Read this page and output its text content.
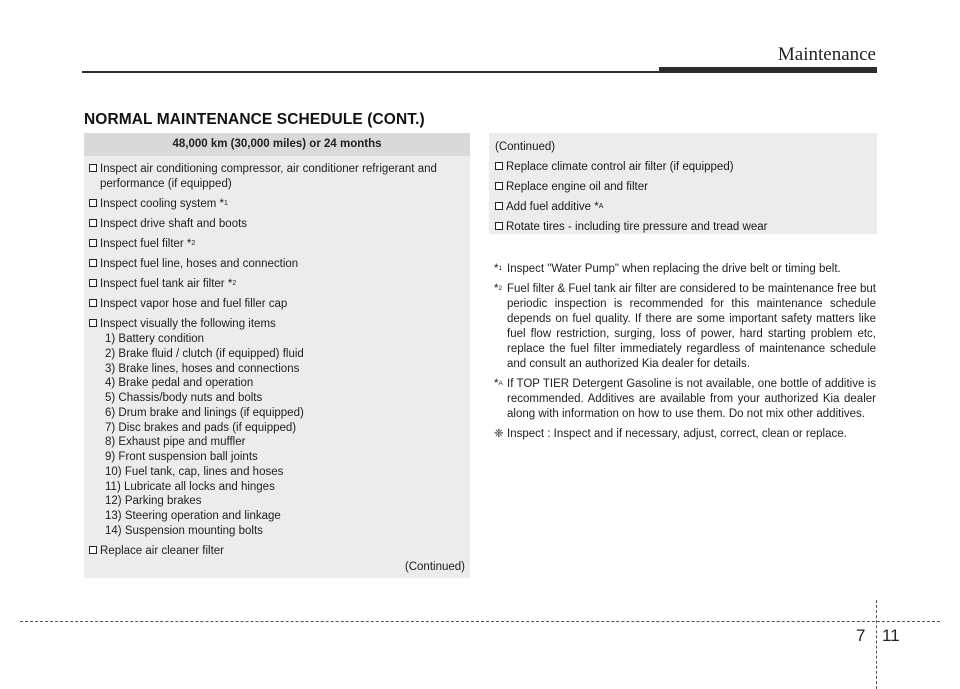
Maintenance
NORMAL MAINTENANCE SCHEDULE (CONT.)
48,000 km (30,000 miles) or 24 months
Inspect air conditioning compressor, air conditioner refrigerant and performance (if equipped)
Inspect cooling system *$^1$
Inspect drive shaft and boots
Inspect fuel filter *$^2$
Inspect fuel line, hoses and connection
Inspect fuel tank air filter *$^2$
Inspect vapor hose and fuel filler cap
Inspect visually the following items
1) Battery condition
2) Brake fluid / clutch (if equipped) fluid
3) Brake lines, hoses and connections
4) Brake pedal and operation
5) Chassis/body nuts and bolts
6) Drum brake and linings (if equipped)
7) Disc brakes and pads (if equipped)
8) Exhaust pipe and muffler
9) Front suspension ball joints
10) Fuel tank, cap, lines and hoses
11) Lubricate all locks and hinges
12) Parking brakes
13) Steering operation and linkage
14) Suspension mounting bolts
Replace air cleaner filter
(Continued)
(Continued)
Replace climate control air filter (if equipped)
Replace engine oil and filter
Add fuel additive *$^A$
Rotate tires - including tire pressure and tread wear
*$^1$ Inspect "Water Pump" when replacing the drive belt or timing belt.
*$^2$ Fuel filter & Fuel tank air filter are considered to be maintenance free but periodic inspection is recommended for this maintenance schedule depends on fuel quality. If there are some important safety matters like fuel flow restriction, surging, loss of power, hard starting problem etc, replace the fuel filter immediately regardless of maintenance schedule and consult an authorized Kia dealer for details.
*$^A$ If TOP TIER Detergent Gasoline is not available, one bottle of additive is recommended. Additives are available from your authorized Kia dealer along with information on how to use them. Do not mix other additives.
❈ Inspect : Inspect and if necessary, adjust, correct, clean or replace.
7 11
